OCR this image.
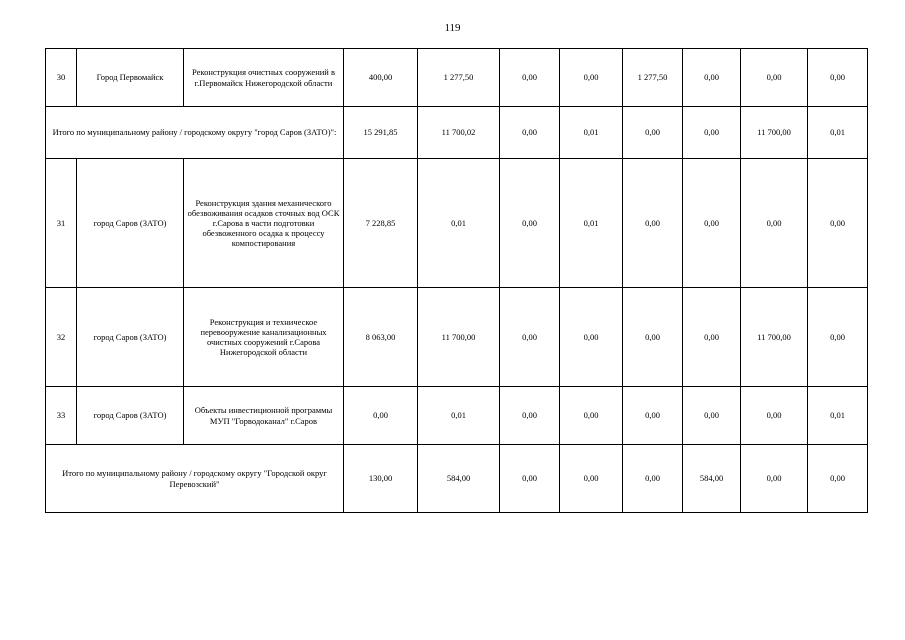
119
30	Город Первомайск	Реконструкция очистных сооружений в г.Первомайск Нижегородской области	400,00	1 277,50	0,00	0,00	1 277,50	0,00	0,00	0,00
Итого по муниципальному району / городскому округу "город Саров (ЗАТО)":			15 291,85	11 700,02	0,00	0,01	0,00	0,00	11 700,00	0,01
31	город Саров (ЗАТО)	Реконструкция здания механического обезвоживания осадков сточных вод ОСК г.Сарова в части подготовки обезвоженного осадка к процессу компостирования	7 228,85	0,01	0,00	0,01	0,00	0,00	0,00	0,00
32	город Саров (ЗАТО)	Реконструкция и техническое перевооружение канализационных очистных сооружений г.Сарова Нижегородской области	8 063,00	11 700,00	0,00	0,00	0,00	0,00	11 700,00	0,00
33	город Саров (ЗАТО)	Объекты инвестиционной программы МУП "Горводоканал" г.Саров	0,00	0,01	0,00	0,00	0,00	0,00	0,00	0,01
Итого по муниципальному району / городскому округу "Городской округ Перевозский"			130,00	584,00	0,00	0,00	0,00	584,00	0,00	0,00
